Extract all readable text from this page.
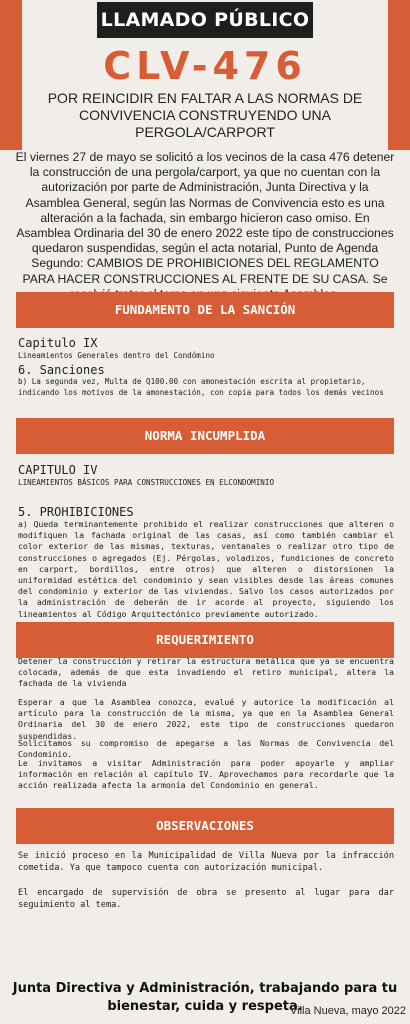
LLAMADO PÚBLICO
CLV-476
POR REINCIDIR EN FALTAR A LAS NORMAS DE CONVIVENCIA CONSTRUYENDO UNA PERGOLA/CARPORT
El viernes 27 de mayo se solicitó a los vecinos de la casa 476 detener la construcción de una pergola/carport, ya que no cuentan con la autorización por parte de Administración, Junta Directiva y la Asamblea General, según las Normas de Convivencia esto es una alteración a la fachada, sin embargo hicieron caso omiso. En Asamblea Ordinaria del 30 de enero 2022 este tipo de construcciones quedaron suspendidas, según el acta notarial, Punto de Agenda Segundo: CAMBIOS DE PROHIBICIONES DEL REGLAMENTO PARA HACER CONSTRUCCIONES AL FRENTE DE SU CASA. Se
FUNDAMENTO DE LA SANCIÓN
Capitulo IX
Lineamientos Generales dentro del Condómino
6. Sanciones
b) La segunda vez, Multa de Q100.00 con amonestación escrita al propietario, indicando los motivos de la amonestación, con copia para todos los demás vecinos
NORMA INCUMPLIDA
CAPITULO IV
LINEAMIENTOS BÁSICOS PARA CONSTRUCCIONES EN ELCONDOMINIO
5. PROHIBICIONES
a) Queda terminantemente prohibido el realizar construcciones que alteren o modifiquen la fachada original de las casas, así como también cambiar el color exterior de las mismas, texturas, ventanales o realizar otro tipo de construcciones o agregados (Ej. Pérgolas, voladizos, fundiciones de concreto en carport, bordillos, entre otros) que alteren o distorsionen la uniformidad estética del condominio y sean visibles desde las áreas comunes del condominio y exterior de las viviendas. Salvo los casos autorizados por la administración de deberán de ir acorde al proyecto, siguiendo los lineamientos al Código Arquitectónico previamente autorizado.
REQUERIMIENTO
Detener la construcción y retirar la estructura metálica que ya se encuentra colocada, además de que esta invadiendo el retiro municipal, altera la fachada de la vivienda
Esperar a que la Asamblea conozca, evalué y autorice la modificación al artículo para la construcción de la misma, ya que en la Asamblea General Ordinaria del 30 de enero 2022, este tipo de construcciones quedaron suspendidas.
Solicitamos su compromiso de apegarse a las Normas de Convivencia del Condominio.
Le invitamos a visitar Administración para poder apoyarle y ampliar información en relación al capítulo IV. Aprovechamos para recordarle que la acción realizada afecta la armonía del Condominio en general.
OBSERVACIONES
Se inició proceso en la Municipalidad de Villa Nueva por la infracción cometida. Ya que tampoco cuenta con autorización municipal.
El encargado de supervisión de obra se presento al lugar para dar seguimiento al tema.
Junta Directiva y Administración, trabajando para tu bienestar, cuida y respeta.
Villa Nueva, mayo 2022
